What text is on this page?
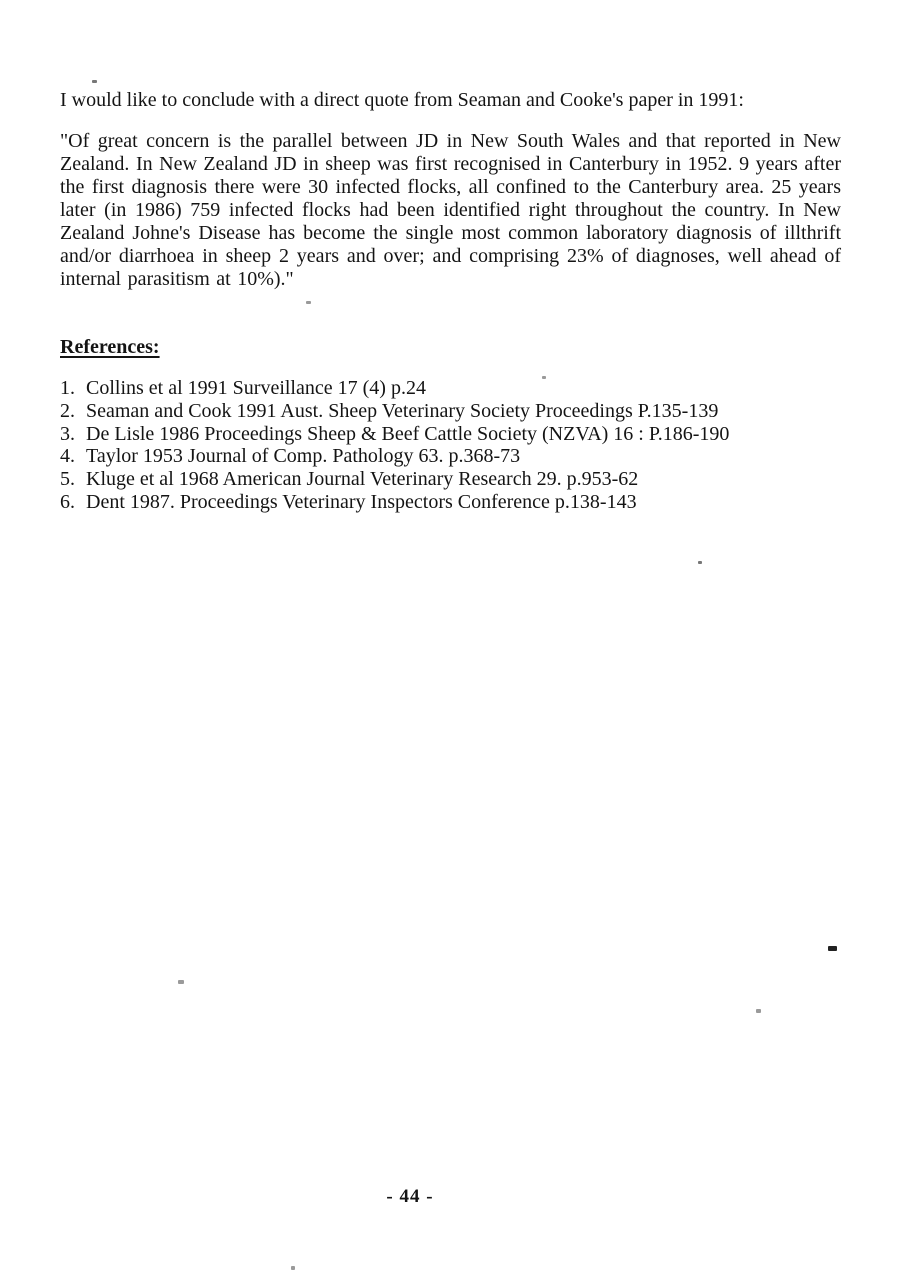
I would like to conclude with a direct quote from Seaman and Cooke's paper in 1991:

"Of great concern is the parallel between JD in New South Wales and that reported in New Zealand. In New Zealand JD in sheep was first recognised in Canterbury in 1952. 9 years after the first diagnosis there were 30 infected flocks, all confined to the Canterbury area. 25 years later (in 1986) 759 infected flocks had been identified right throughout the country. In New Zealand Johne's Disease has become the single most common laboratory diagnosis of illthrift and/or diarrhoea in sheep 2 years and over; and comprising 23% of diagnoses, well ahead of internal parasitism at 10%)."

References:
1. Collins et al 1991 Surveillance 17 (4) p.24
2. Seaman and Cook 1991 Aust. Sheep Veterinary Society Proceedings P.135-139
3. De Lisle 1986 Proceedings Sheep & Beef Cattle Society (NZVA) 16 : P.186-190
4. Taylor 1953 Journal of Comp. Pathology 63. p.368-73
5. Kluge et al 1968 American Journal Veterinary Research 29. p.953-62
6. Dent 1987. Proceedings Veterinary Inspectors Conference p.138-143
- 44 -
